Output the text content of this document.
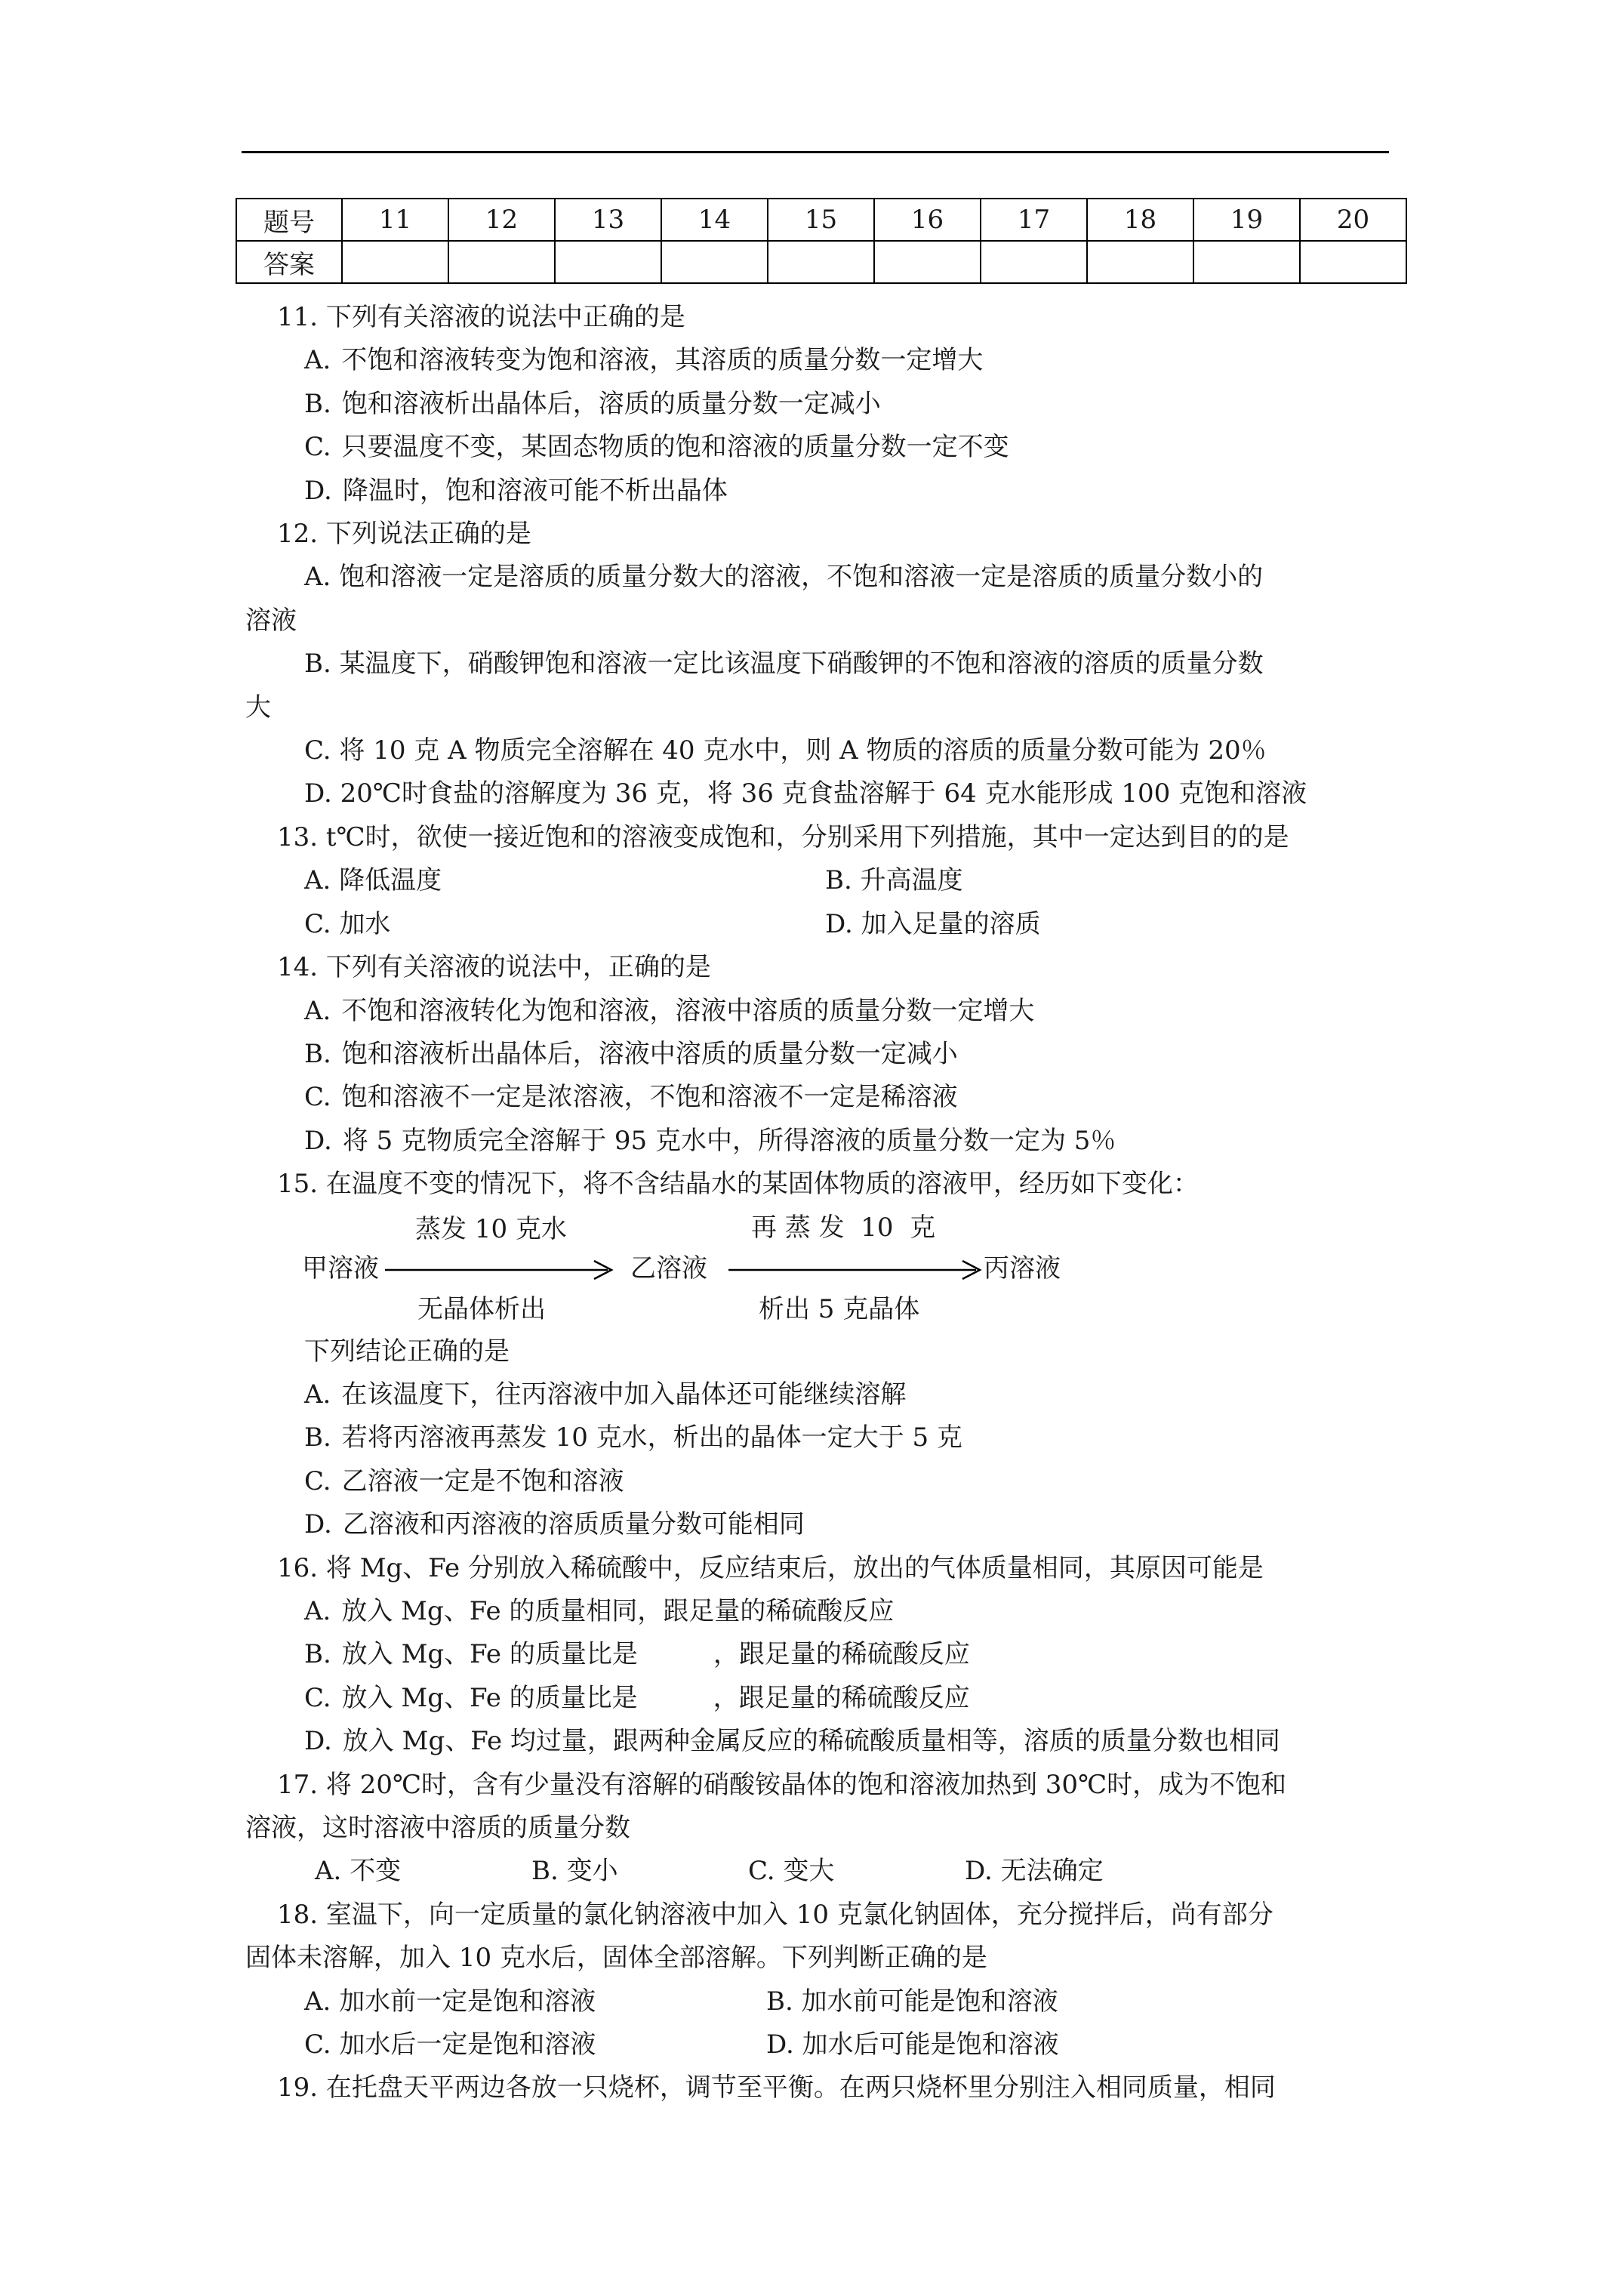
题号	11	12	13	14	15	16	17	18	19	20
答案										
11. 下列有关溶液的说法中正确的是
A. 不饱和溶液转变为饱和溶液，其溶质的质量分数一定增大
B. 饱和溶液析出晶体后，溶质的质量分数一定减小
C. 只要温度不变，某固态物质的饱和溶液的质量分数一定不变
D. 降温时，饱和溶液可能不析出晶体
12. 下列说法正确的是
A. 饱和溶液一定是溶质的质量分数大的溶液，不饱和溶液一定是溶质的质量分数小的
溶液
B. 某温度下，硝酸钾饱和溶液一定比该温度下硝酸钾的不饱和溶液的溶质的质量分数
大
C. 将 10 克 A 物质完全溶解在 40 克水中，则 A 物质的溶质的质量分数可能为 20％
D. 20℃时食盐的溶解度为 36 克，将 36 克食盐溶解于 64 克水能形成 100 克饱和溶液
13. t℃时，欲使一接近饱和的溶液变成饱和，分别采用下列措施，其中一定达到目的的是
A. 降低温度	B. 升高温度
C. 加水	D. 加入足量的溶质
14. 下列有关溶液的说法中，正确的是
A. 不饱和溶液转化为饱和溶液，溶液中溶质的质量分数一定增大
B. 饱和溶液析出晶体后，溶液中溶质的质量分数一定减小
C. 饱和溶液不一定是浓溶液，不饱和溶液不一定是稀溶液
D. 将 5 克物质完全溶解于 95 克水中，所得溶液的质量分数一定为 5％
15. 在温度不变的情况下，将不含结晶水的某固体物质的溶液甲，经历如下变化：
甲溶液
蒸发 10 克水
无晶体析出
乙溶液
再 蒸 发  10  克
析出 5 克晶体
丙溶液
下列结论正确的是
A. 在该温度下，往丙溶液中加入晶体还可能继续溶解
B. 若将丙溶液再蒸发 10 克水，析出的晶体一定大于 5 克
C. 乙溶液一定是不饱和溶液
D. 乙溶液和丙溶液的溶质质量分数可能相同
16. 将 Mg、Fe 分别放入稀硫酸中，反应结束后，放出的气体质量相同，其原因可能是
A. 放入 Mg、Fe 的质量相同，跟足量的稀硫酸反应
B. 放入 Mg、Fe 的质量比是	，跟足量的稀硫酸反应
C. 放入 Mg、Fe 的质量比是	，跟足量的稀硫酸反应
D. 放入 Mg、Fe 均过量，跟两种金属反应的稀硫酸质量相等，溶质的质量分数也相同
17. 将 20℃时，含有少量没有溶解的硝酸铵晶体的饱和溶液加热到 30℃时，成为不饱和
溶液，这时溶液中溶质的质量分数
A. 不变	B. 变小	C. 变大	D. 无法确定
18. 室温下，向一定质量的氯化钠溶液中加入 10 克氯化钠固体，充分搅拌后，尚有部分
固体未溶解，加入 10 克水后，固体全部溶解。下列判断正确的是
A. 加水前一定是饱和溶液	B. 加水前可能是饱和溶液
C. 加水后一定是饱和溶液	D. 加水后可能是饱和溶液
19. 在托盘天平两边各放一只烧杯，调节至平衡。在两只烧杯里分别注入相同质量，相同
